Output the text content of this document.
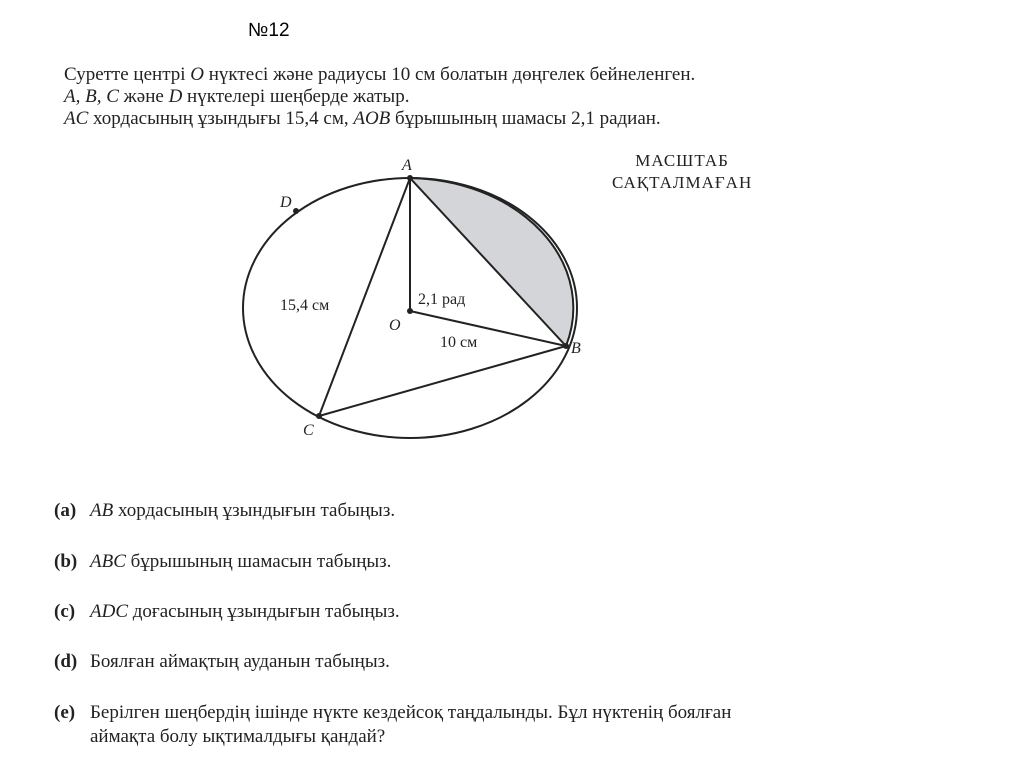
№12
Суретте центрі O нүктесі және радиусы 10 см болатын дөңгелек бейнеленген.
A, B, C және D нүктелері шеңберде жатыр.
AC хордасының ұзындығы 15,4 см, AOB бұрышының шамасы 2,1 радиан.
A
B
C
D
O
15,4 см	2,1 рад
10 см
МАСШТАБ
САҚТАЛМАҒАН
(a) AB хордасының ұзындығын табыңыз.
(b) ABC бұрышының шамасын табыңыз.
(c) ADC доғасының ұзындығын табыңыз.
(d) Боялған аймақтың ауданын табыңыз.
(e) Берілген шеңбердің ішінде нүкте кездейсоқ таңдалынды. Бұл нүктенің боялған
аймақта болу ықтималдығы қандай?
